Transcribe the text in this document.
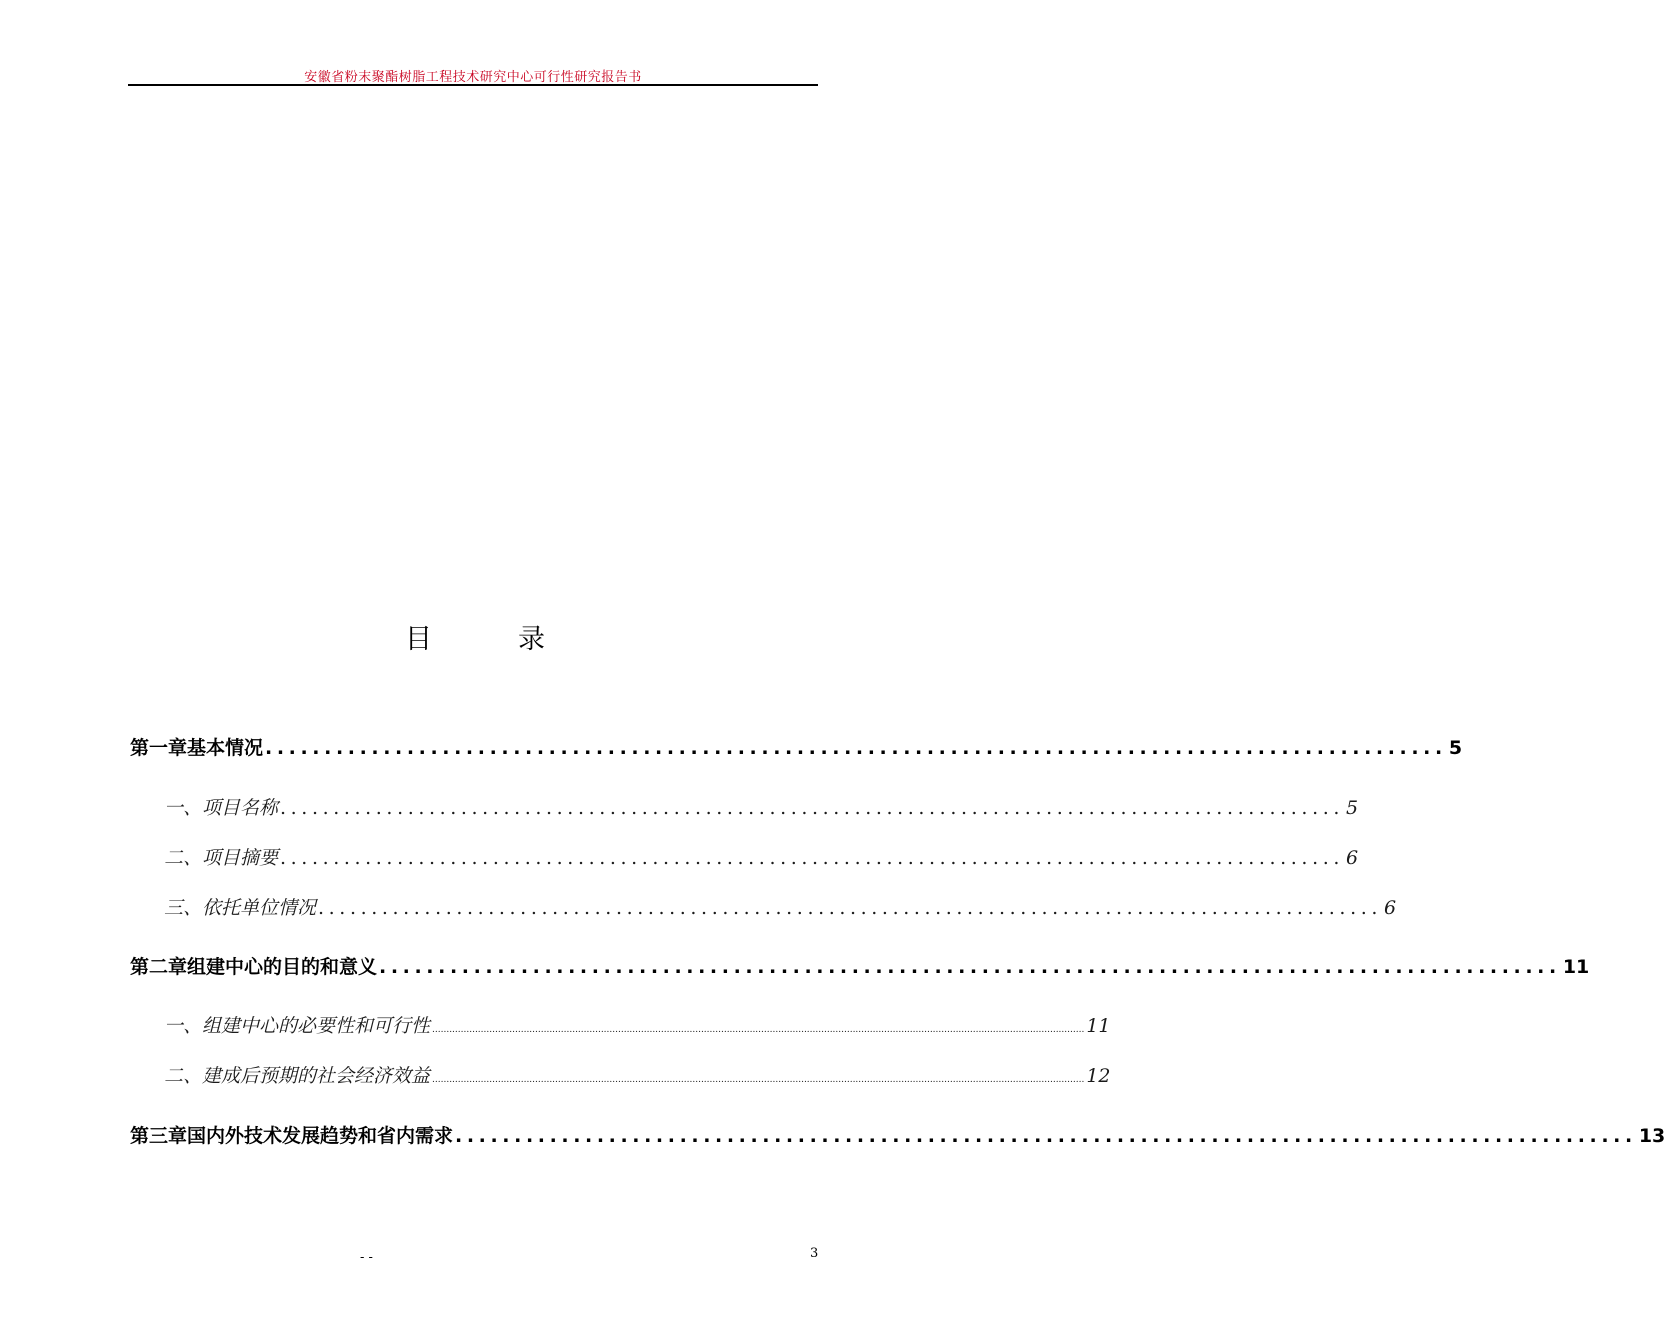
安徽省粉末聚酯树脂工程技术研究中心可行性研究报告书
目	录
第一章 基本情况 .................................................................................................... 5
一、 项目名称 .................................................................................................... 5
二、 项目摘要 .................................................................................................... 6
三、 依托单位情况 .................................................................................................... 6
第二章 组建中心的目的和意义 .................................................................................................... 11
一、 组建中心的必要性和可行性 .................................................................................................................................................................................................................................... 11
二、 建成后预期的社会经济效益 .................................................................................................................................................................................................................................... 12
第三章 国内外技术发展趋势和省内需求 .................................................................................................... 13
- -	3
